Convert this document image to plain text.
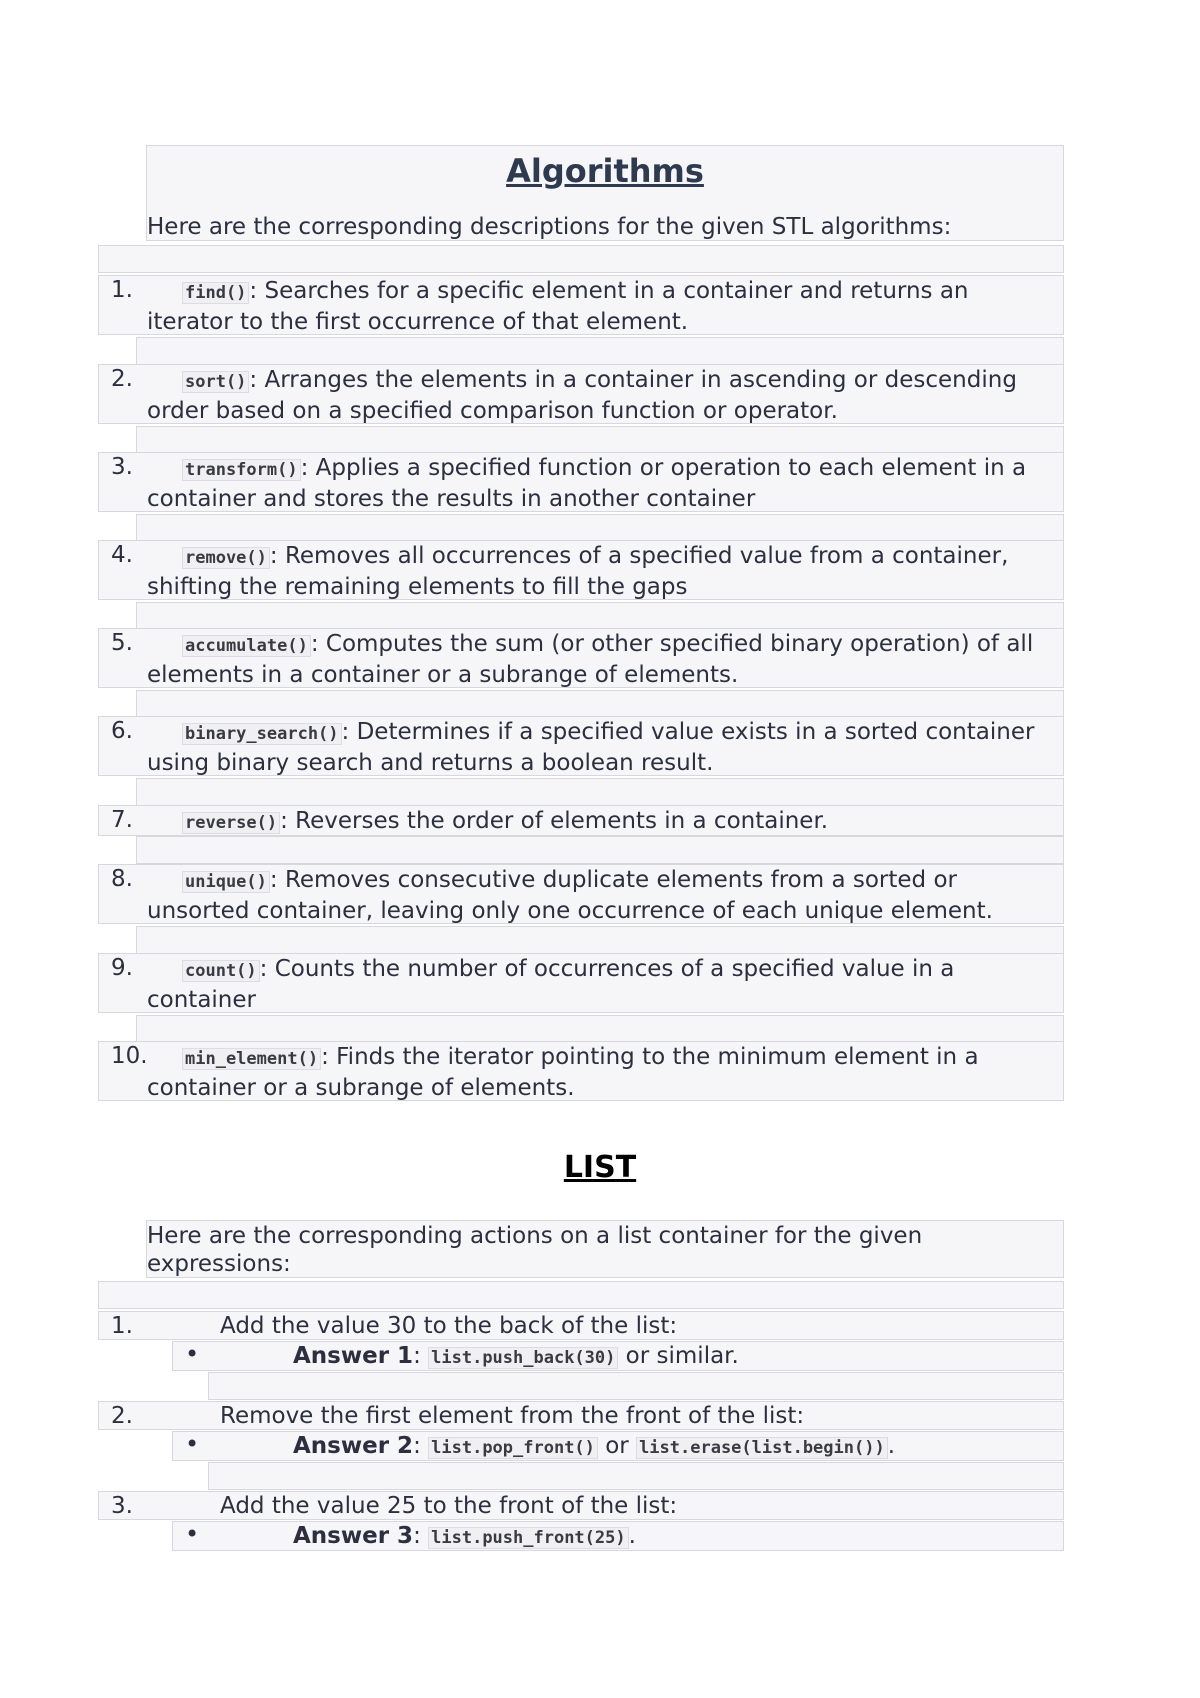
Algorithms
Here are the corresponding descriptions for the given STL algorithms:
1.	find() : Searches for a specific element in a container and returns an iterator to the first occurrence of that element.
2.	sort() : Arranges the elements in a container in ascending or descending order based on a specified comparison function or operator.
3.	transform() : Applies a specified function or operation to each element in a container and stores the results in another container
4.	remove() : Removes all occurrences of a specified value from a container, shifting the remaining elements to fill the gaps
5.	accumulate() : Computes the sum (or other specified binary operation) of all elements in a container or a subrange of elements.
6.	binary_search() : Determines if a specified value exists in a sorted container using binary search and returns a boolean result.
7.	reverse() : Reverses the order of elements in a container.
8.	unique() : Removes consecutive duplicate elements from a sorted or unsorted container, leaving only one occurrence of each unique element.
9.	count() : Counts the number of occurrences of a specified value in a container
10.	min_element() : Finds the iterator pointing to the minimum element in a container or a subrange of elements.
LIST
Here are the corresponding actions on a list container for the given expressions:
1.	Add the value 30 to the back of the list:
•	Answer 1: list.push_back(30) or similar.
2.	Remove the first element from the front of the list:
•	Answer 2: list.pop_front() or list.erase(list.begin()) .
3.	Add the value 25 to the front of the list:
•	Answer 3: list.push_front(25) .
